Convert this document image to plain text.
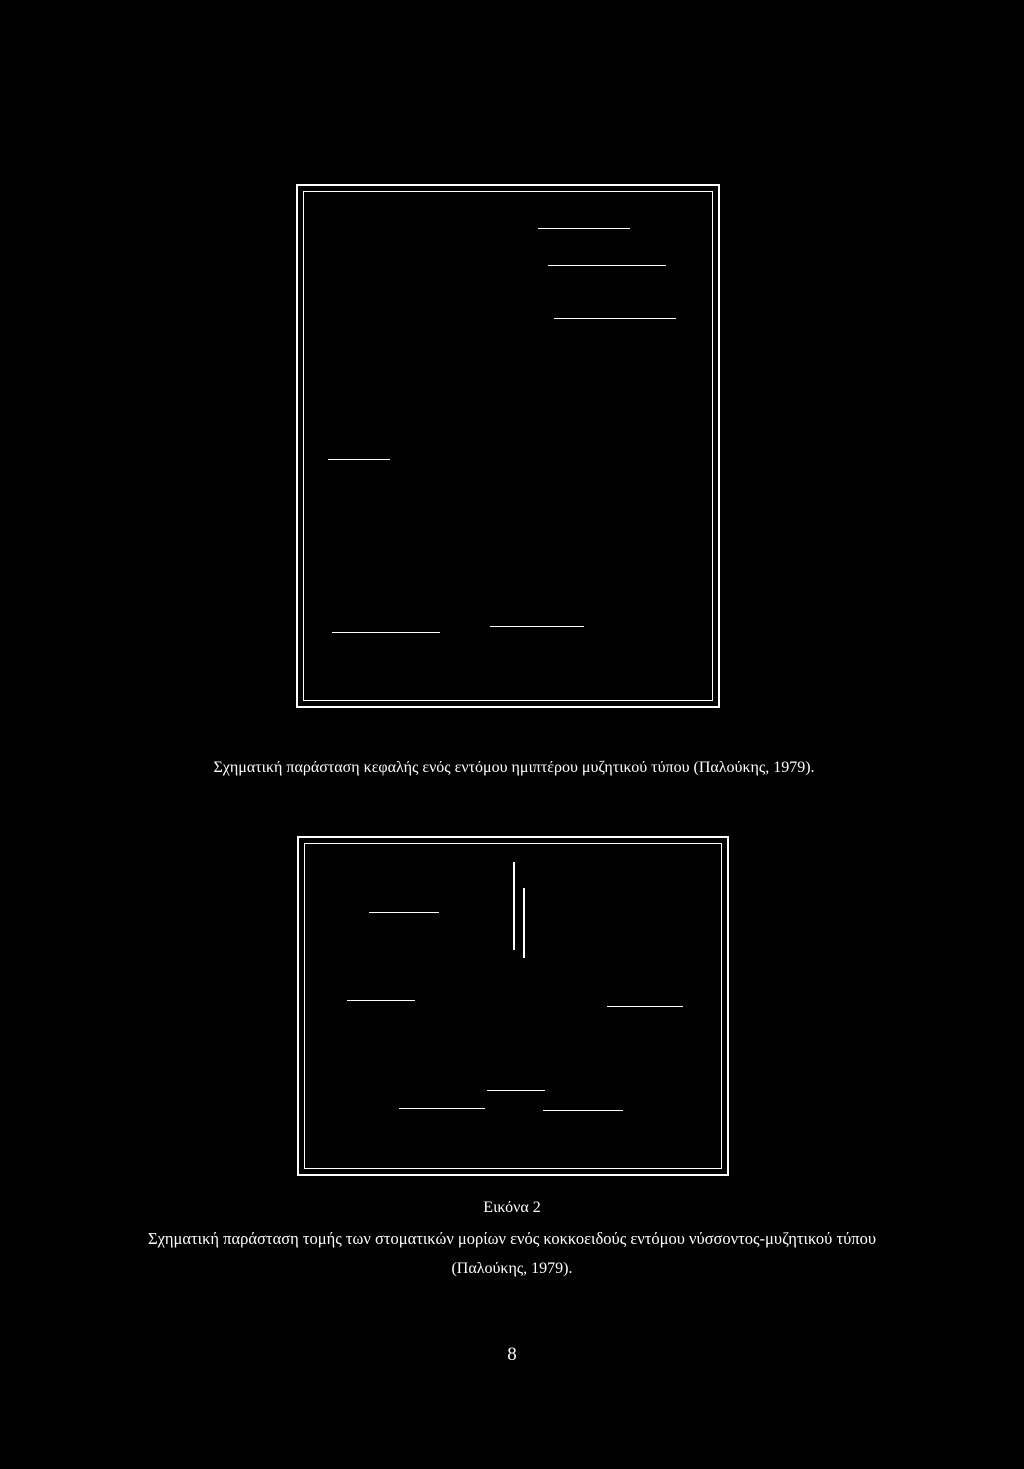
Σχηματική παράσταση κεφαλής ενός εντόμου ημιπτέρου μυζητικού τύπου (Παλούκης, 1979).
Εικόνα 2
Σχηματική παράσταση τομής των στοματικών μορίων ενός κοκκοειδούς εντόμου νύσσοντος-μυζητικού τύπου
(Παλούκης, 1979).
8
